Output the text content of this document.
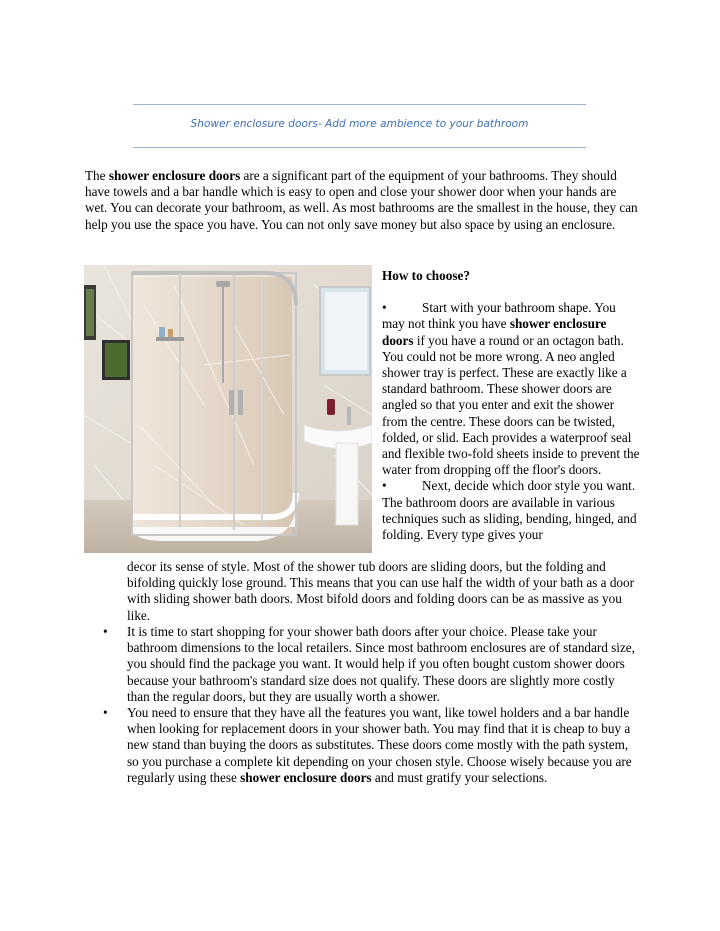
Shower enclosure doors- Add more ambience to your bathroom

The shower enclosure doors are a significant part of the equipment of your bathrooms. They should have towels and a bar handle which is easy to open and close your shower door when your hands are wet. You can decorate your bathroom, as well. As most bathrooms are the smallest in the house, they can help you use the space you have. You can not only save money but also space by using an enclosure.

How to choose?

•	Start with your bathroom shape. You may not think you have shower enclosure doors if you have a round or an octagon bath. You could not be more wrong. A neo angled shower tray is perfect. These are exactly like a standard bathroom. These shower doors are angled so that you enter and exit the shower from the centre. These doors can be twisted, folded, or slid. Each provides a waterproof seal and flexible two-fold sheets inside to prevent the water from dropping off the floor's doors.

•	Next, decide which door style you want. The bathroom doors are available in various techniques such as sliding, bending, hinged, and folding. Every type gives your

decor its sense of style. Most of the shower tub doors are sliding doors, but the folding and bifolding quickly lose ground. This means that you can use half the width of your bath as a door with sliding shower bath doors. Most bifold doors and folding doors can be as massive as you like.

• It is time to start shopping for your shower bath doors after your choice. Please take your bathroom dimensions to the local retailers. Since most bathroom enclosures are of standard size, you should find the package you want. It would help if you often bought custom shower doors because your bathroom's standard size does not qualify. These doors are slightly more costly than the regular doors, but they are usually worth a shower.
• You need to ensure that they have all the features you want, like towel holders and a bar handle when looking for replacement doors in your shower bath. You may find that it is cheap to buy a new stand than buying the doors as substitutes. These doors come mostly with the path system, so you purchase a complete kit depending on your chosen style. Choose wisely because you are regularly using these shower enclosure doors and must gratify your selections.
